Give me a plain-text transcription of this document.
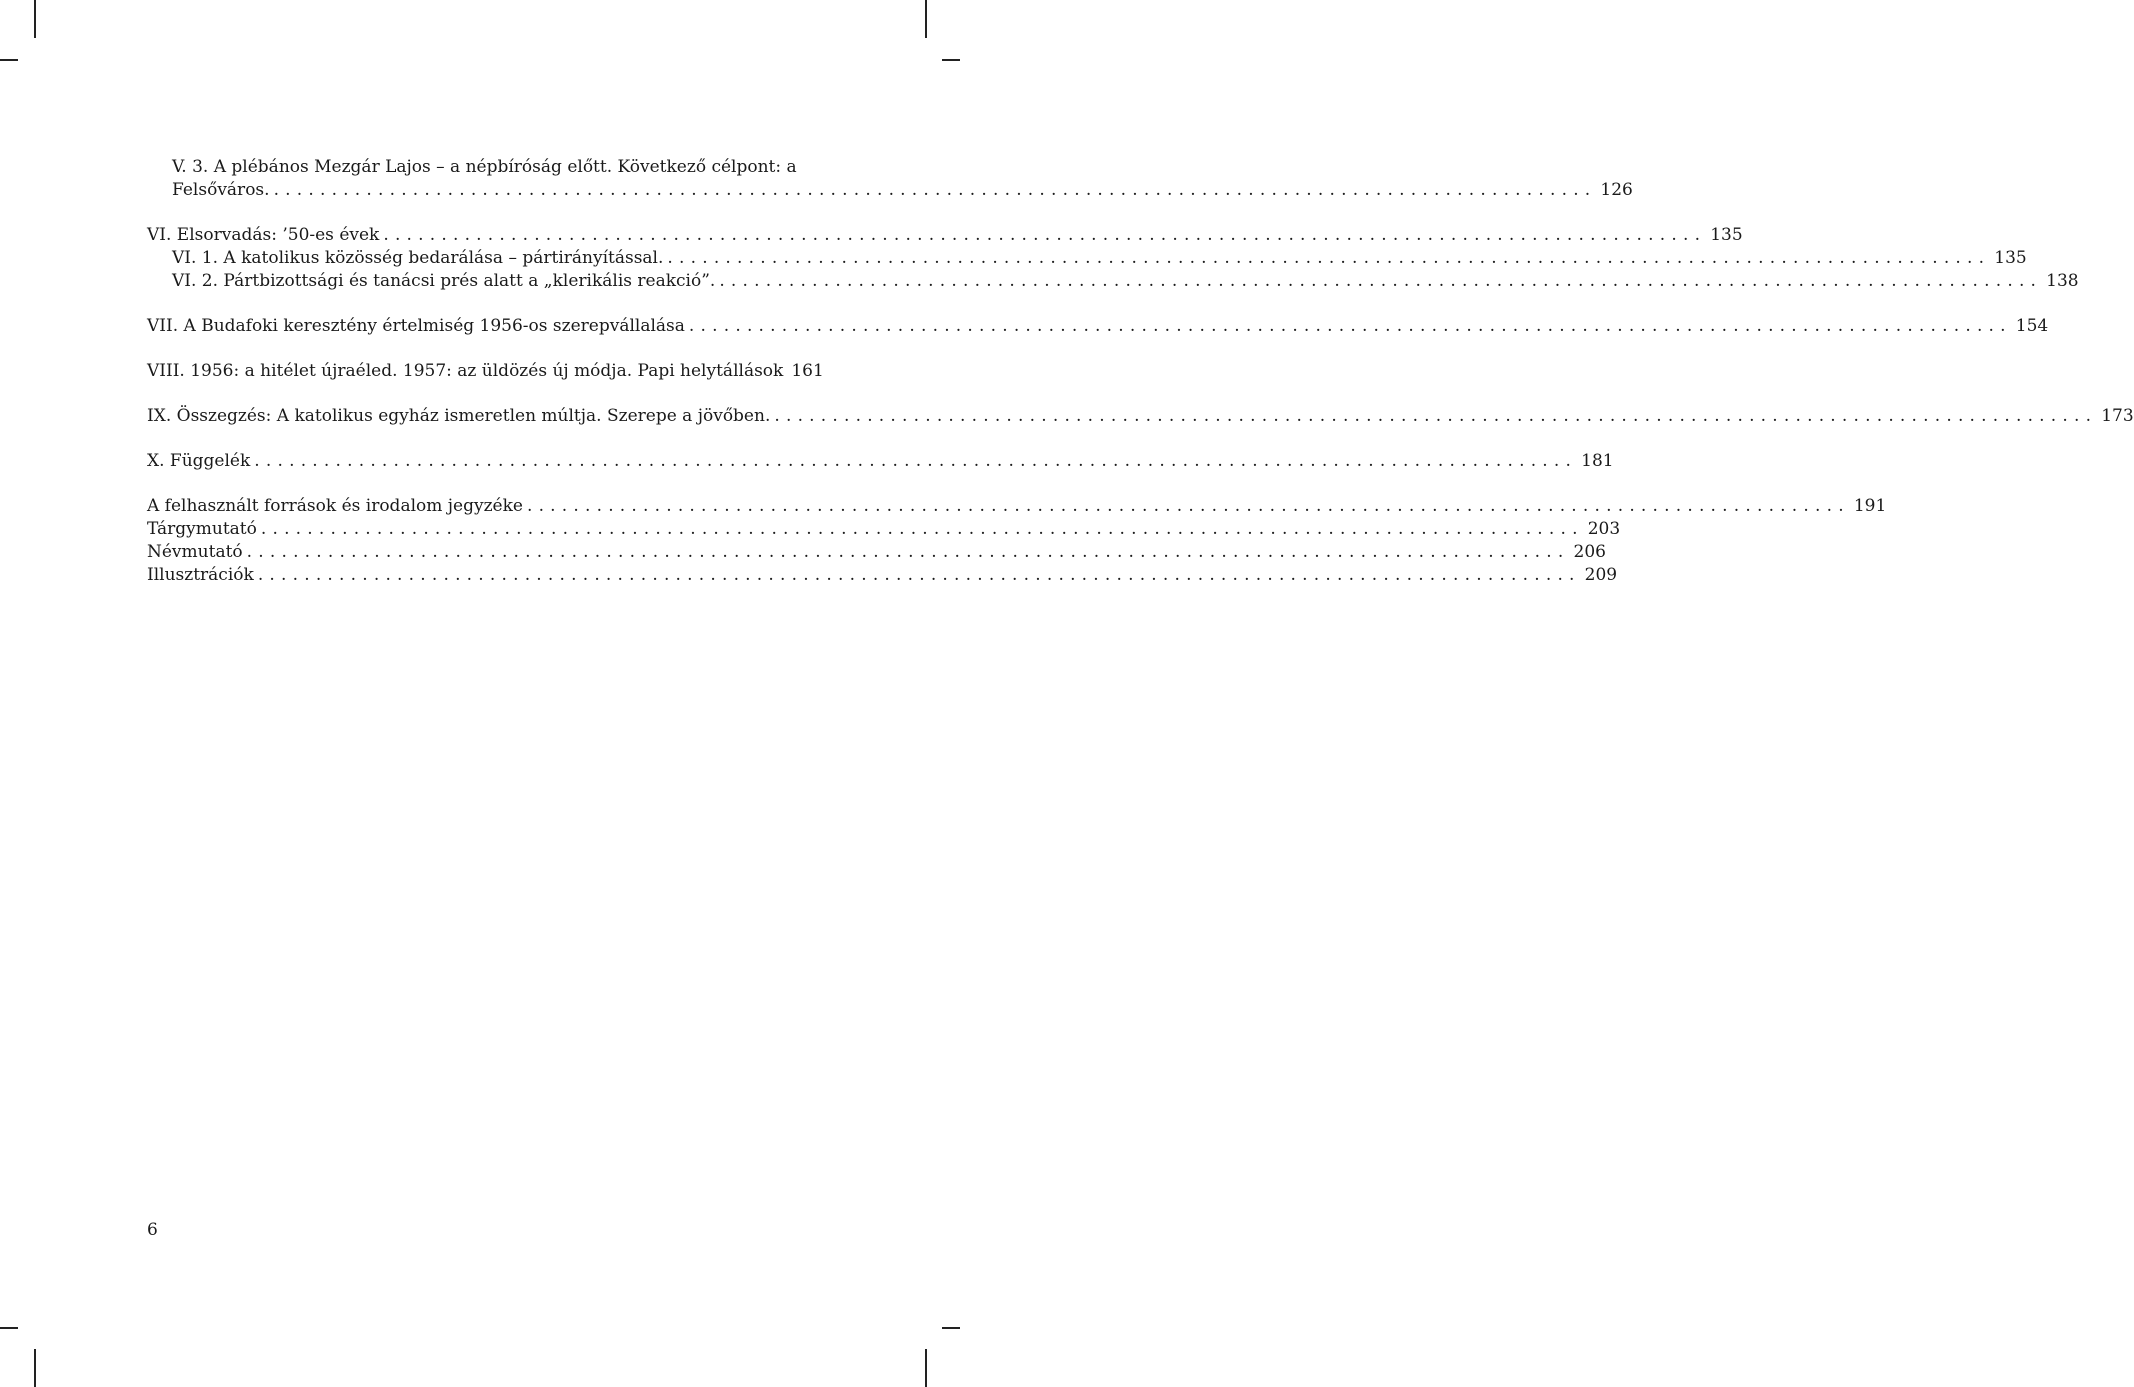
V. 3. A plébános Mezgár Lajos – a népbíróság előtt. Következő célpont: a
Felsőváros. .................................................................................................................. 126
VI. Elsorvadás: ’50-es évek .................................................................................................................. 135
VI. 1. A katolikus közösség bedarálása – pártirányítással. .................................................................................................................. 135
VI. 2. Pártbizottsági és tanácsi prés alatt a „klerikális reakció”. .................................................................................................................. 138
VII. A Budafoki keresztény értelmiség 1956-os szerepvállalása .................................................................................................................. 154
VIII. 1956: a hitélet újraéled. 1957: az üldözés új módja. Papi helytállások 161
IX. Összegzés: A katolikus egyház ismeretlen múltja. Szerepe a jövőben. .................................................................................................................. 173
X. Függelék .................................................................................................................. 181
A felhasznált források és irodalom jegyzéke .................................................................................................................. 191
Tárgymutató .................................................................................................................. 203
Névmutató .................................................................................................................. 206
Illusztrációk .................................................................................................................. 209
6
